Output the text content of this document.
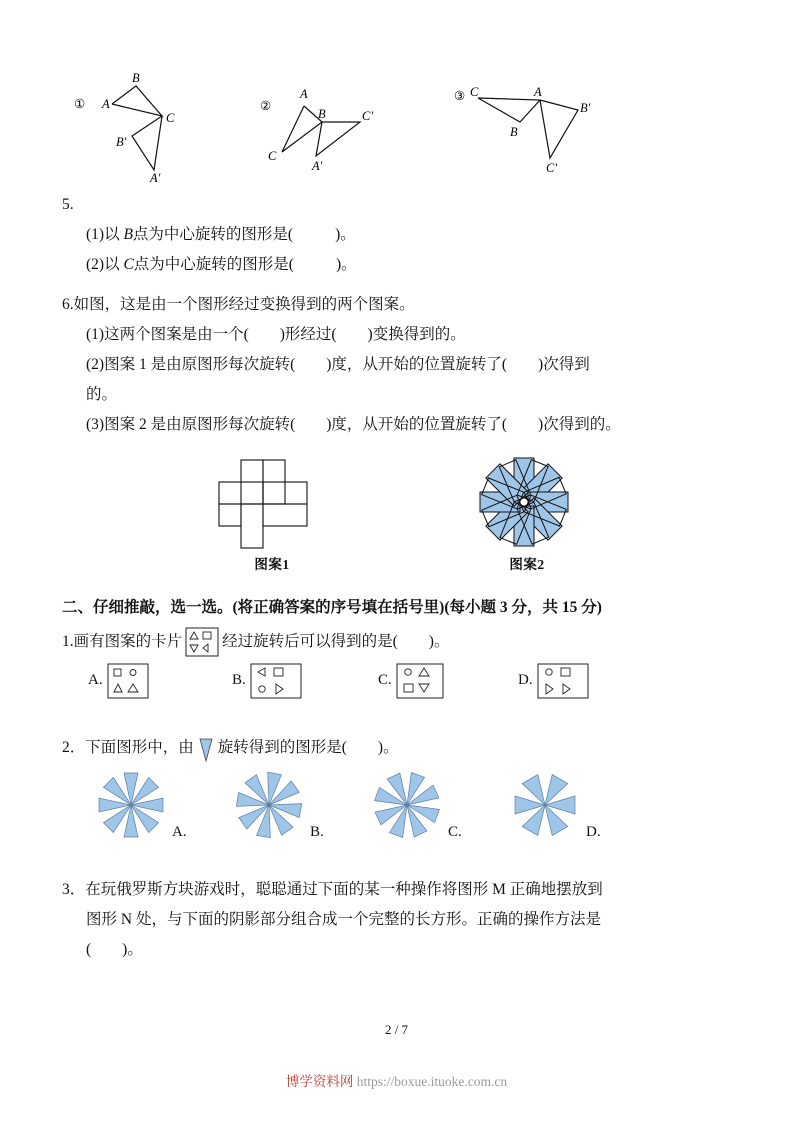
① A
B
C
B'
A'
②
A
B	C'
C
A'
③ C	A
B'
B
C'

5.

(1)以 B点为中心旋转的图形是(	)。

(2)以 C点为中心旋转的图形是(	)。

6.如图，这是由一个图形经过变换得到的两个图案。

(1)这两个图案是由一个(　　)形经过(　　)变换得到的。

(2)图案 1 是由原图形每次旋转(　　)度，从开始的位置旋转了(　　)次得到

的。

(3)图案 2 是由原图形每次旋转(　　)度，从开始的位置旋转了(　　)次得到的。

图案1	图案2
二、仔细推敲，选一选。(将正确答案的序号填在括号里)(每小题 3 分，共 15 分)

1.画有图案的卡片	经过旋转后可以得到的是(　　)。

A.	B.	C.	D.

2．下面图形中，由 旋转得到的图形是(　　)。

A.	B.	C.	D.

3．在玩俄罗斯方块游戏时，聪聪通过下面的某一种操作将图形 M 正确地摆放到

图形 N 处，与下面的阴影部分组合成一个完整的长方形。正确的操作方法是

(　　)。

2 / 7
博学资料网 https://boxue.ituoke.com.cn
